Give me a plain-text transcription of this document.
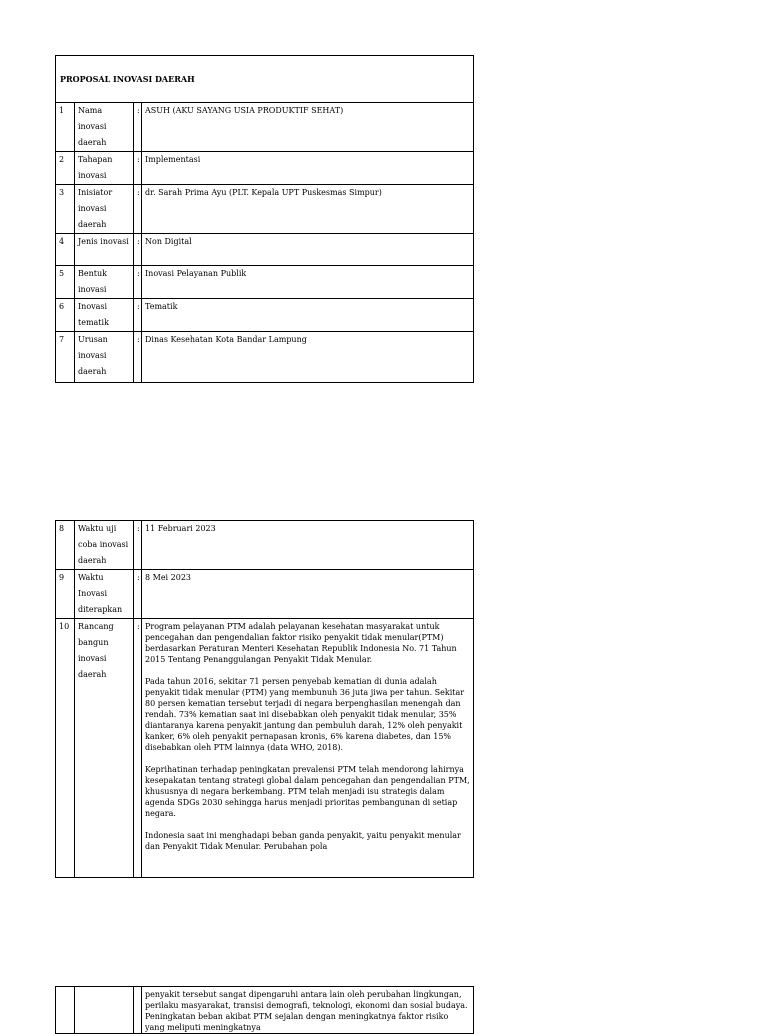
PROPOSAL INOVASI DAERAH			
1	Nama inovasi daerah	:	ASUH (AKU SAYANG USIA PRODUKTIF SEHAT)
2	Tahapan inovasi	:	Implementasi
3	Inisiator inovasi daerah	:	dr. Sarah Prima Ayu (PLT. Kepala UPT Puskesmas Simpur)
4	Jenis inovasi	:	Non Digital
5	Bentuk inovasi	:	Inovasi Pelayanan Publik
6	Inovasi tematik	:	Tematik
7	Urusan inovasi daerah	:	Dinas Kesehatan Kota Bandar Lampung
8	Waktu uji coba inovasi daerah	:	11 Februari 2023
9	Waktu Inovasi diterapkan	:	8 Mei 2023
10	Rancang bangun inovasi daerah	:	Program pelayanan PTM adalah pelayanan kesehatan masyarakat untuk pencegahan dan pengendalian faktor risiko penyakit tidak menular(PTM) berdasarkan Peraturan Menteri Kesehatan Republik Indonesia No. 71 Tahun 2015 Tentang Penanggulangan Penyakit Tidak Menular.

Pada tahun 2016, sekitar 71 persen penyebab kematian di dunia adalah penyakit tidak menular (PTM) yang membunuh 36 juta jiwa per tahun. Sekitar 80 persen kematian tersebut terjadi di negara berpenghasilan menengah dan rendah. 73% kematian saat ini disebabkan oleh penyakit tidak menular, 35% diantaranya karena penyakit jantung dan pembuluh darah, 12% oleh penyakit kanker, 6% oleh penyakit pernapasan kronis, 6% karena diabetes, dan 15% disebabkan oleh PTM lainnya (data WHO, 2018).

Keprihatinan terhadap peningkatan prevalensi PTM telah mendorong lahirnya kesepakatan tentang strategi global dalam pencegahan dan pengendalian PTM, khususnya di negara berkembang. PTM telah menjadi isu strategis dalam agenda SDGs 2030 sehingga harus menjadi prioritas pembangunan di setiap negara.

Indonesia saat ini menghadapi beban ganda penyakit, yaitu penyakit menular dan Penyakit Tidak Menular. Perubahan pola

penyakit tersebut sangat dipengaruhi antara lain oleh perubahan lingkungan, perilaku masyarakat, transisi demografi, teknologi, ekonomi dan sosial budaya. Peningkatan beban akibat PTM sejalan dengan meningkatnya faktor risiko yang meliputi meningkatnya
